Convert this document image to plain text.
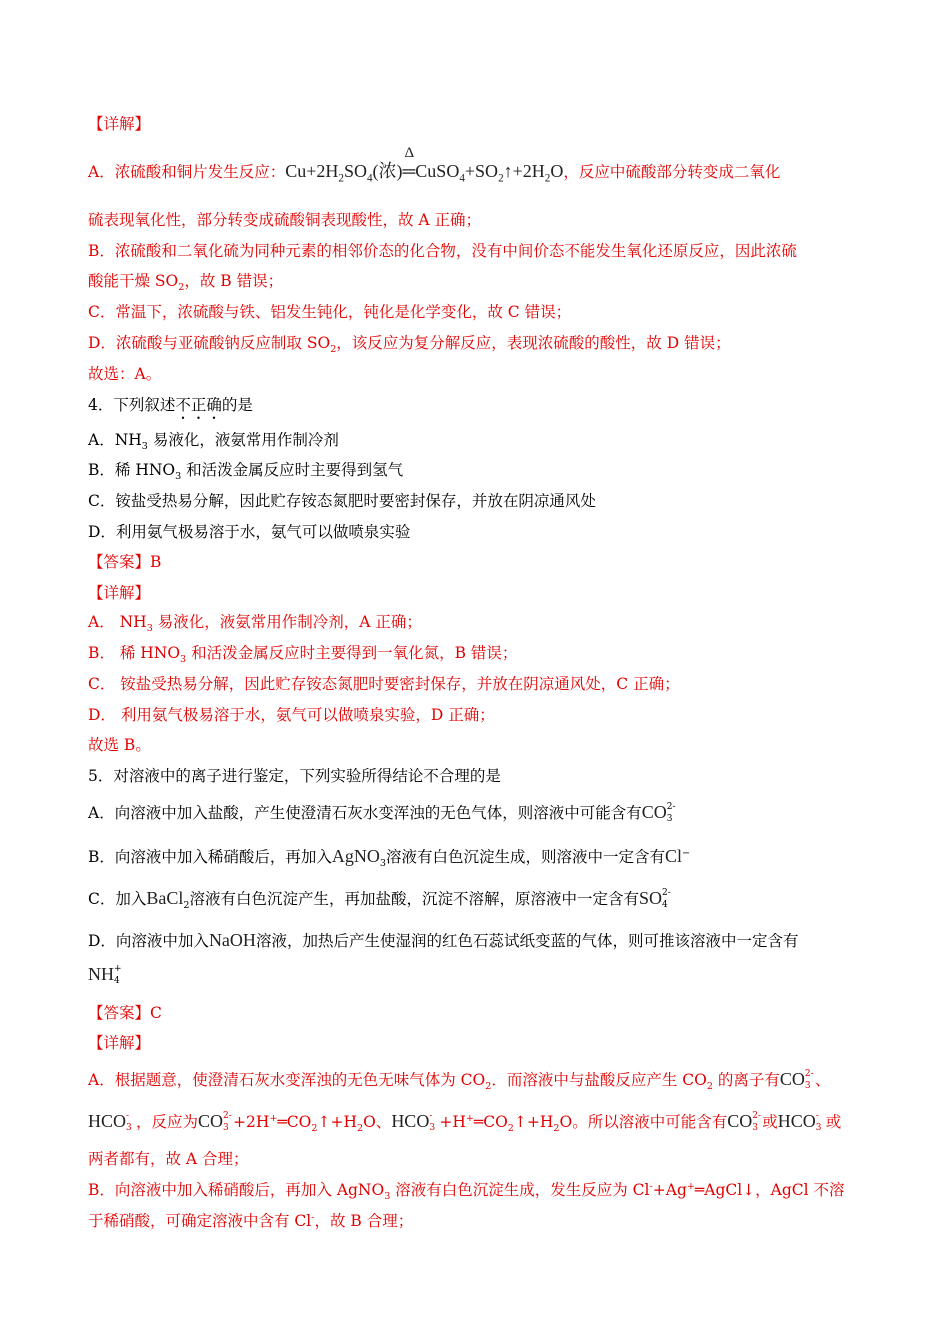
【详解】
A．浓硫酸和铜片发生反应：$Cu+2H_2SO_4$(浓)
Δ
$═CuSO_4+SO_2↑+2H_2O$，反应中硫酸部分转变成二氧化
硫表现氧化性，部分转变成硫酸铜表现酸性，故 A 正确；
B．浓硫酸和二氧化硫为同种元素的相邻价态的化合物，没有中间价态不能发生氧化还原反应，因此浓硫
酸能干燥 $SO_2$，故 B 错误；
C．常温下，浓硫酸与铁、铝发生钝化，钝化是化学变化，故 C 错误；
D．浓硫酸与亚硫酸钠反应制取 $SO_2$，该反应为复分解反应，表现浓硫酸的酸性，故 D 错误；
故选：A。
4．下列叙述不正确的是
A．$NH_3$ 易液化，液氨常用作制冷剂
B．稀 $HNO_3$ 和活泼金属反应时主要得到氢气
C．铵盐受热易分解，因此贮存铵态氮肥时要密封保存，并放在阴凉通风处
D．利用氨气极易溶于水，氨气可以做喷泉实验
【答案】B
【详解】
A． $NH_3$ 易液化，液氨常用作制冷剂，A 正确；
B． 稀 $HNO_3$ 和活泼金属反应时主要得到一氧化氮，B 错误；
C． 铵盐受热易分解，因此贮存铵态氮肥时要密封保存，并放在阴凉通风处，C 正确；
D． 利用氨气极易溶于水，氨气可以做喷泉实验，D 正确；
故选 B。
5．对溶液中的离子进行鉴定，下列实验所得结论不合理的是
A．向溶液中加入盐酸，产生使澄清石灰水变浑浊的无色气体，则溶液中可能含有CO 2-
3
B．向溶液中加入稀硝酸后，再加入AgNO$_3$溶液有白色沉淀生成，则溶液中一定含有Cl−
C．加入BaCl$_2$溶液有白色沉淀产生，再加盐酸，沉淀不溶解，原溶液中一定含有SO 2-
4
D．向溶液中加入NaOH溶液，加热后产生使湿润的红色石蕊试纸变蓝的气体，则可推该溶液中一定含有
NH +
4
【答案】C
【详解】
A．根据题意，使澄清石灰水变浑浊的无色无味气体为 $CO_2$．而溶液中与盐酸反应产生 $CO_2$ 的离子有CO 2-
3 、
HCO -
3 ，反应为CO 2-
$3 +2H^+═CO_2↑+H_2O$、HCO -
$3 +H^+═CO_2↑+H_2O$。所以溶液中可能含有CO 2-
3 或HCO -
3 或
两者都有，故 A 合理；
B．向溶液中加入稀硝酸后，再加入 AgNO$_3$ 溶液有白色沉淀生成，发生反应为 Cl-+Ag+═AgCl↓，AgCl 不溶
于稀硝酸，可确定溶液中含有 Cl-，故 B 合理；
